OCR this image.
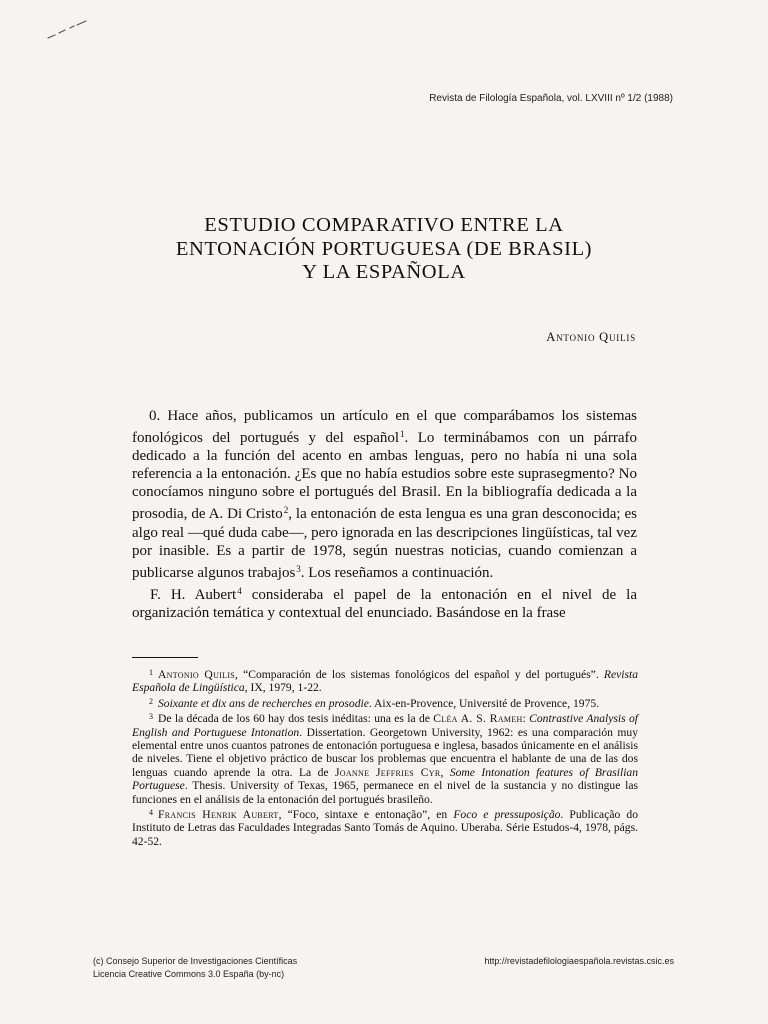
Revista de Filología Española, vol. LXVIII nº 1/2 (1988)
ESTUDIO COMPARATIVO ENTRE LA
ENTONACIÓN PORTUGUESA (DE BRASIL)
Y LA ESPAÑOLA
Antonio Quilis

0. Hace años, publicamos un artículo en el que comparábamos los sistemas fonológicos del portugués y del español$^1$. Lo terminábamos con un párrafo dedicado a la función del acento en ambas lenguas, pero no había ni una sola referencia a la entonación. ¿Es que no había estudios sobre este suprasegmento? No conocíamos ninguno sobre el portugués del Brasil. En la bibliografía dedicada a la prosodia, de A. Di Cristo$^2$, la entonación de esta lengua es una gran desconocida; es algo real —qué duda cabe—, pero ignorada en las descripciones lingüísticas, tal vez por inasible. Es a partir de 1978, según nuestras noticias, cuando comienzan a publicarse algunos trabajos$^3$. Los reseñamos a continuación.

F. H. Aubert$^4$ consideraba el papel de la entonación en el nivel de la organización temática y contextual del enunciado. Basándose en la frase

$^1$ Antonio Quilis, “Comparación de los sistemas fonológicos del español y del portugués”. Revista Española de Lingüística, IX, 1979, 1-22.

$^2$ Soixante et dix ans de recherches en prosodie. Aix-en-Provence, Université de Provence, 1975.

$^3$ De la década de los 60 hay dos tesis inéditas: una es la de Cléa A. S. Rameh: Contrastive Analysis of English and Portuguese Intonation. Dissertation. Georgetown University, 1962: es una comparación muy elemental entre unos cuantos patrones de entonación portuguesa e inglesa, basados únicamente en el análisis de niveles. Tiene el objetivo práctico de buscar los problemas que encuentra el hablante de una de las dos lenguas cuando aprende la otra. La de Joanne Jeffries Cyr, Some Intonation features of Brasilian Portuguese. Thesis. University of Texas, 1965, permanece en el nivel de la sustancia y no distingue las funciones en el análisis de la entonación del portugués brasileño.

$^4$ Francis Henrik Aubert, “Foco, sintaxe e entonação”, en Foco e pressuposição. Publicação do Instituto de Letras das Faculdades Integradas Santo Tomás de Aquino. Uberaba. Série Estudos-4, 1978, págs. 42-52.

(c) Consejo Superior de Investigaciones Científicas
Licencia Creative Commons 3.0 España (by-nc)
http://revistadefilologiaespañola.revistas.csic.es
